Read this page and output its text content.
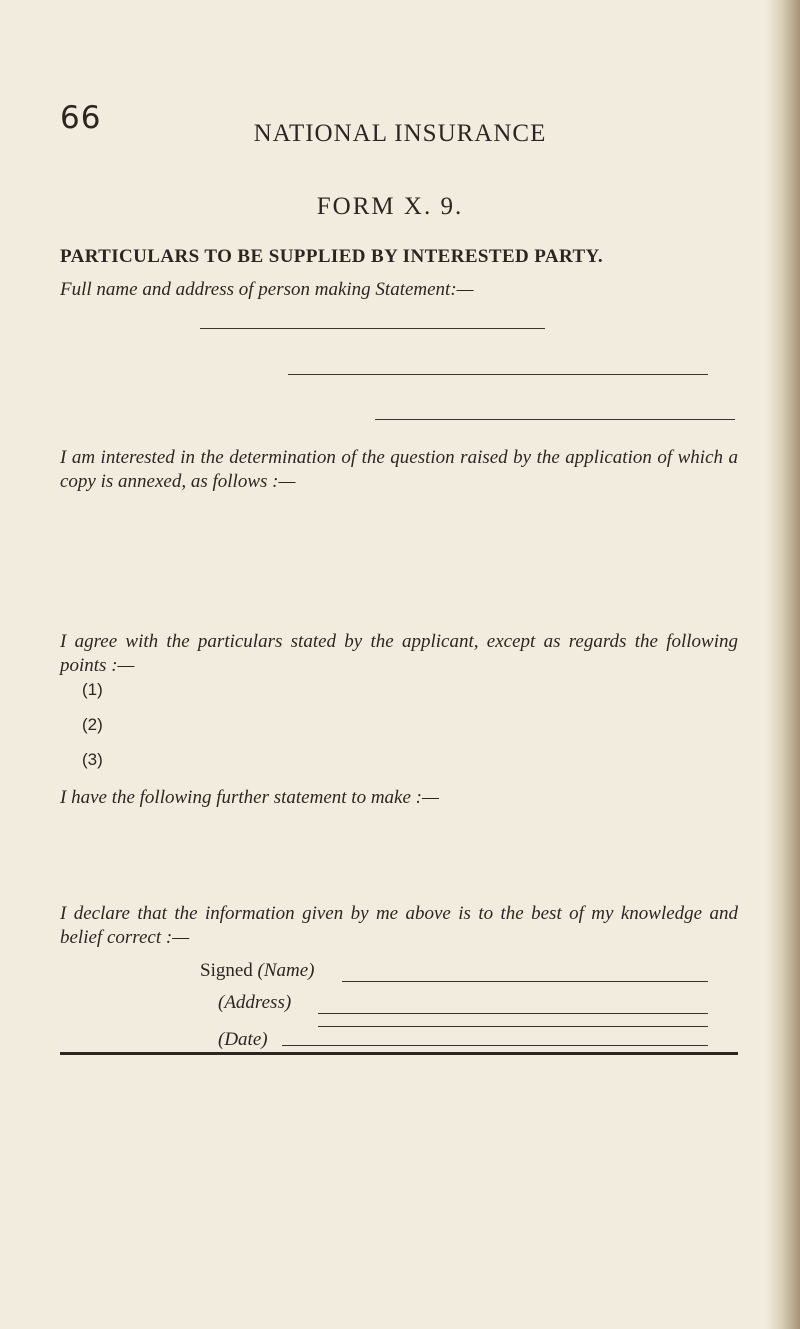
66	NATIONAL INSURANCE
FORM X. 9.
PARTICULARS TO BE SUPPLIED BY INTERESTED PARTY.
Full name and address of person making Statement:—
I am interested in the determination of the question raised by the application of which a copy is annexed, as follows :—
I agree with the particulars stated by the applicant, except as regards the following points :—
(1)
(2)
(3)
I have the following further statement to make :—
I declare that the information given by me above is to the best of my knowledge and belief correct :—
Signed (Name)
(Address)
(Date)
